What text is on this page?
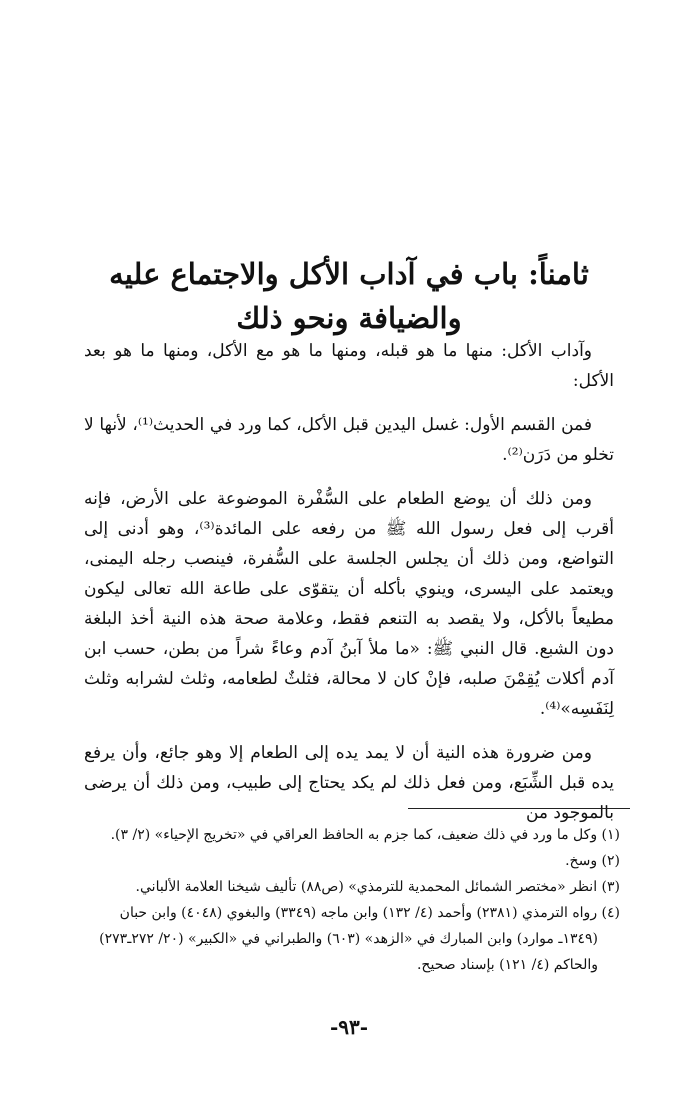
ثامناً: باب في آداب الأكل والاجتماع عليه والضيافة ونحو ذلك

وآداب الأكل: منها ما هو قبله، ومنها ما هو مع الأكل، ومنها ما هو بعد الأكل:

فمن القسم الأول: غسل اليدين قبل الأكل، كما ورد في الحديث⁽¹⁾، لأنها لا تخلو من دَرَن⁽²⁾.

ومن ذلك أن يوضع الطعام على السُّفْرة الموضوعة على الأرض، فإنه أقرب إلى فعل رسول الله ﷺ من رفعه على المائدة⁽³⁾، وهو أدنى إلى التواضع، ومن ذلك أن يجلس الجلسة على السُّفرة، فينصب رجله اليمنى، ويعتمد على اليسرى، وينوي بأكله أن يتقوّى على طاعة الله تعالى ليكون مطيعاً بالأكل، ولا يقصد به التنعم فقط، وعلامة صحة هذه النية أخذ البلغة دون الشبع. قال النبي ﷺ: «ما ملأ آبنُ آدم وعاءً شراً من بطن، حسب ابن آدم أكلات يُقِمْنَ صلبه، فإنْ كان لا محالة، فثلثٌ لطعامه، وثلث لشرابه وثلث لِنَفَسِه»⁽⁴⁾.

ومن ضرورة هذه النية أن لا يمد يده إلى الطعام إلا وهو جائع، وأن يرفع يده قبل الشِّبَع، ومن فعل ذلك لم يكد يحتاج إلى طبيب، ومن ذلك أن يرضى بالموجود من

(١) وكل ما ورد في ذلك ضعيف، كما جزم به الحافظ العراقي في «تخريج الإحياء» (٢/ ٣).
(٢) وسخ.
(٣) انظر «مختصر الشمائل المحمدية للترمذي» (ص٨٨) تأليف شيخنا العلامة الألباني.
(٤) رواه الترمذي (٢٣٨١) وأحمد (٤/ ١٣٢) وابن ماجه (٣٣٤٩) والبغوي (٤٠٤٨) وابن حبان
(١٣٤٩ـ موارد) وابن المبارك في «الزهد» (٦٠٣) والطبراني في «الكبير» (٢٠/ ٢٧٢ـ٢٧٣)
والحاكم (٤/ ١٢١) بإسناد صحيح.
-٩٣-
